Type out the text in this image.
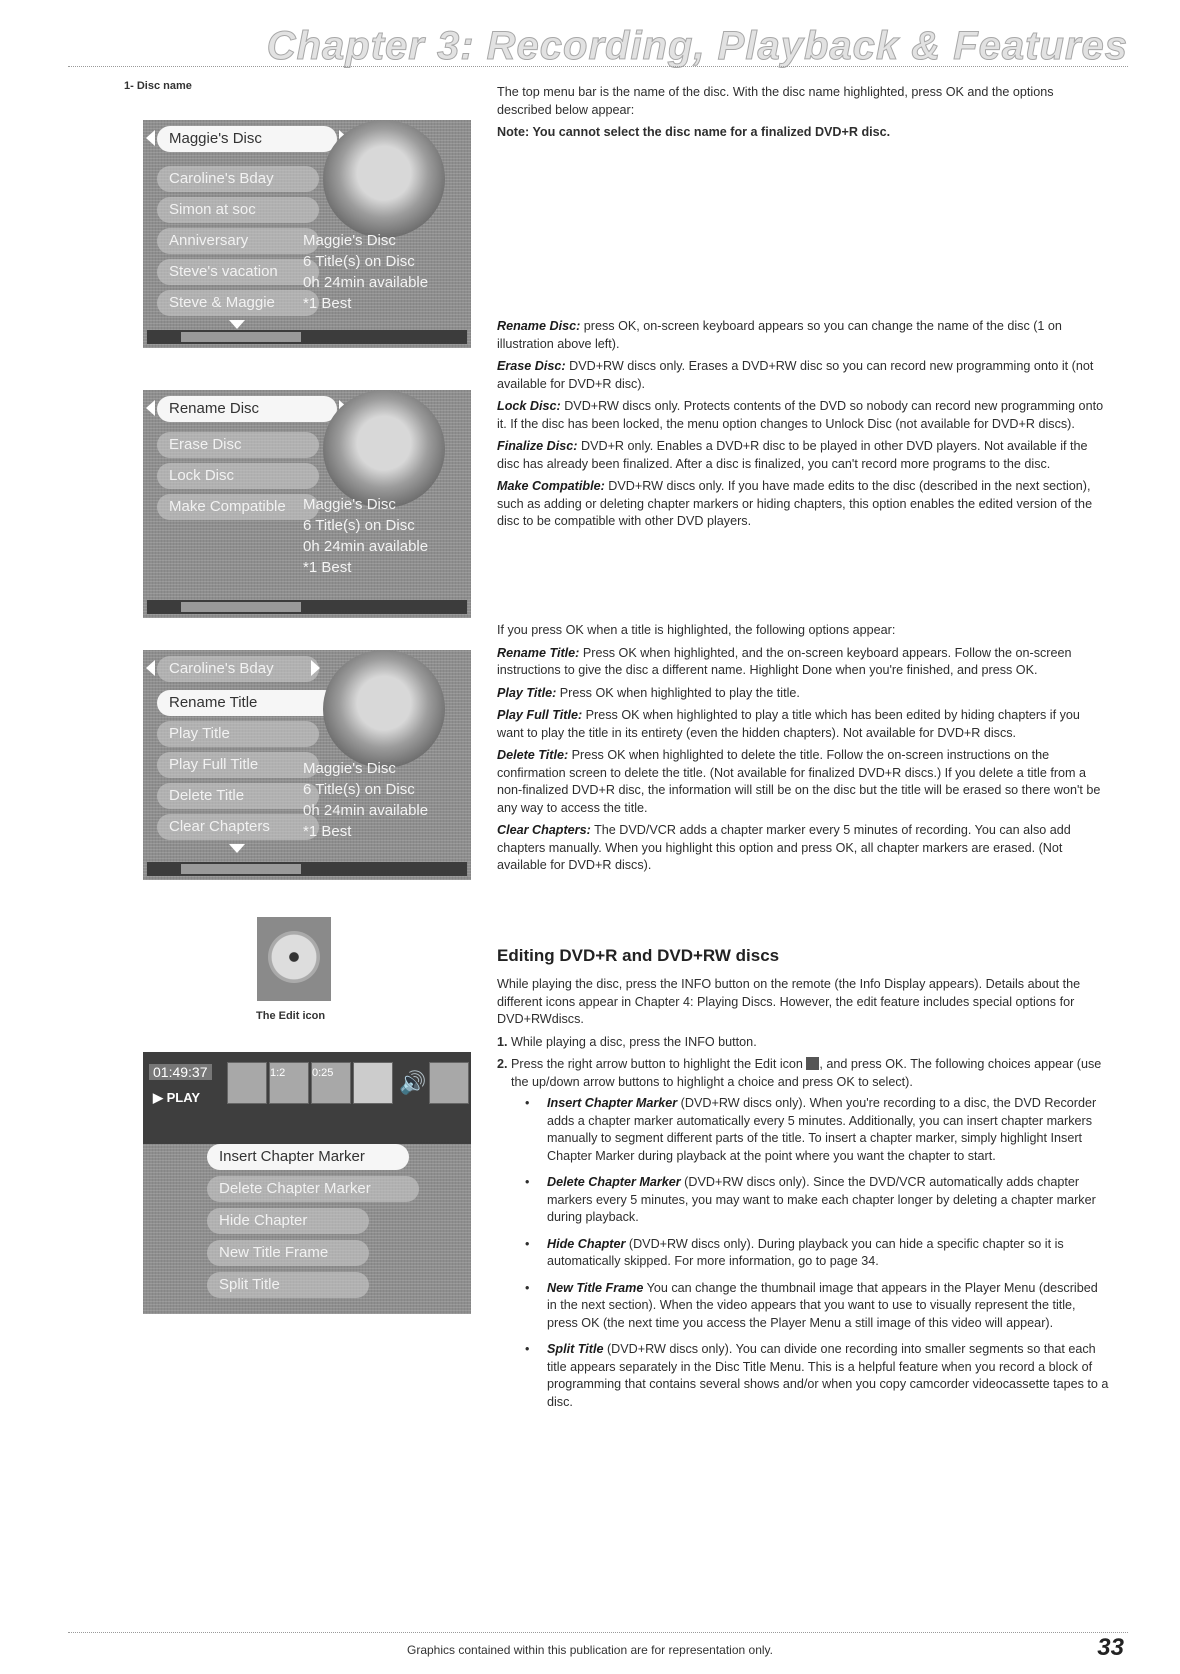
Chapter 3: Recording, Playback & Features
1- Disc name
Maggie's Disc
Caroline's Bday
Simon at soc
Anniversary
Steve's vacation
Steve & Maggie
Maggie's Disc
6 Title(s) on Disc
0h 24min available
*1 Best
Rename Disc
Erase Disc
Lock Disc
Make Compatible	Maggie's Disc
6 Title(s) on Disc
0h 24min available
*1 Best
Caroline's Bday
Rename Title
Play Title
Play Full Title
Delete Title
Clear Chapters
Maggie's Disc
6 Title(s) on Disc
0h 24min available
*1 Best
The Edit icon
01:49:37
▶ PLAY
1:2	0:25	🔊
Insert Chapter Marker
Delete Chapter Marker
Hide Chapter
New Title Frame
Split Title

The top menu bar is the name of the disc. With the disc name highlighted, press OK and the options described below appear:

Note: You cannot select the disc name for a finalized DVD+R disc.

Rename Disc: press OK, on-screen keyboard appears so you can change the name of the disc (1 on illustration above left).

Erase Disc: DVD+RW discs only. Erases a DVD+RW disc so you can record new programming onto it (not available for DVD+R disc).

Lock Disc: DVD+RW discs only. Protects contents of the DVD so nobody can record new programming onto it. If the disc has been locked, the menu option changes to Unlock Disc (not available for DVD+R discs).

Finalize Disc: DVD+R only. Enables a DVD+R disc to be played in other DVD players. Not available if the disc has already been finalized. After a disc is finalized, you can't record more programs to the disc.

Make Compatible: DVD+RW discs only. If you have made edits to the disc (described in the next section), such as adding or deleting chapter markers or hiding chapters, this option enables the edited version of the disc to be compatible with other DVD players.

If you press OK when a title is highlighted, the following options appear:

Rename Title: Press OK when highlighted, and the on-screen keyboard appears. Follow the on-screen instructions to give the disc a different name. Highlight Done when you're finished, and press OK.

Play Title: Press OK when highlighted to play the title.

Play Full Title: Press OK when highlighted to play a title which has been edited by hiding chapters if you want to play the title in its entirety (even the hidden chapters). Not available for DVD+R discs.

Delete Title: Press OK when highlighted to delete the title. Follow the on-screen instructions on the confirmation screen to delete the title. (Not available for finalized DVD+R discs.) If you delete a title from a non-finalized DVD+R disc, the information will still be on the disc but the title will be erased so there won't be any way to access the title.

Clear Chapters: The DVD/VCR adds a chapter marker every 5 minutes of recording. You can also add chapters manually. When you highlight this option and press OK, all chapter markers are erased. (Not available for DVD+R discs).

Editing DVD+R and DVD+RW discs

While playing the disc, press the INFO button on the remote (the Info Display appears). Details about the different icons appear in Chapter 4: Playing Discs. However, the edit feature includes special options for DVD+RWdiscs.

1. While playing a disc, press the INFO button.
2. Press the right arrow button to highlight the Edit icon , and press OK. The following choices appear (use the up/down arrow buttons to highlight a choice and press OK to select).
• Insert Chapter Marker (DVD+RW discs only). When you're recording to a disc, the DVD Recorder adds a chapter marker automatically every 5 minutes. Additionally, you can insert chapter markers manually to segment different parts of the title. To insert a chapter marker, simply highlight Insert Chapter Marker during playback at the point where you want the chapter to start.
• Delete Chapter Marker (DVD+RW discs only). Since the DVD/VCR automatically adds chapter markers every 5 minutes, you may want to make each chapter longer by deleting a chapter marker during playback.
• Hide Chapter (DVD+RW discs only). During playback you can hide a specific chapter so it is automatically skipped. For more information, go to page 34.
• New Title Frame You can change the thumbnail image that appears in the Player Menu (described in the next section). When the video appears that you want to use to visually represent the title, press OK (the next time you access the Player Menu a still image of this video will appear).
• Split Title (DVD+RW discs only). You can divide one recording into smaller segments so that each title appears separately in the Disc Title Menu. This is a helpful feature when you record a block of programming that contains several shows and/or when you copy camcorder videocassette tapes to a disc.
Graphics contained within this publication are for representation only.	33
